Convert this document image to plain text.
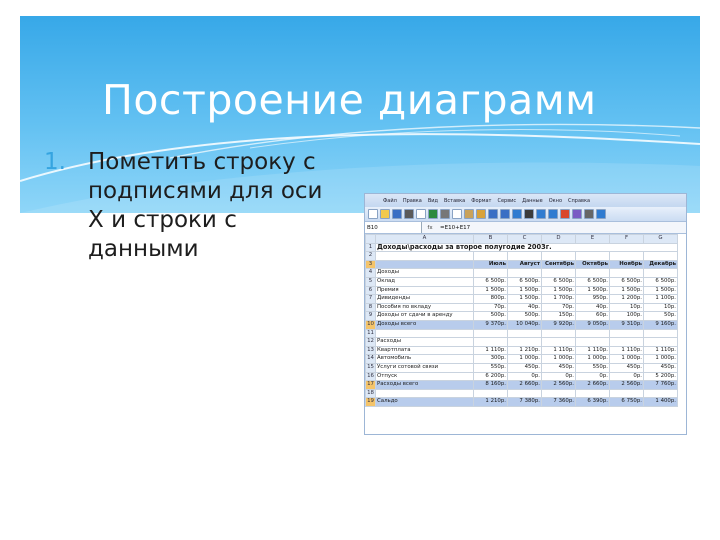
Построение диаграмм
1. Пометить строку с подписями для оси Х и строки с данными
Файл Правка Вид Вставка Формат Сервис Данные Окно Справка
B10	fx	=E10+E17
	A	B	C	D	E	F	G
1	Доходы\расходы за второе полугодие 2003г.						
2							
3		Июль	Август	Сентябрь	Октябрь	Ноябрь	Декабрь
4	Доходы						
5	Оклад	6 500р.	6 500р.	6 500р.	6 500р.	6 500р.	6 500р.
6	Премия	1 500р.	1 500р.	1 500р.	1 500р.	1 500р.	1 500р.
7	Дивиденды	800р.	1 500р.	1 700р.	950р.	1 200р.	1 100р.
8	Пособия по вкладу	70р.	40р.	70р.	40р.	10р.	10р.
9	Доходы от сдачи в аренду	500р.	500р.	150р.	60р.	100р.	50р.
10	Доходы всего	9 370р.	10 040р.	9 920р.	9 050р.	9 310р.	9 160р.
11							
12	Расходы						
13	Квартплата	1 110р.	1 210р.	1 110р.	1 110р.	1 110р.	1 110р.
14	Автомобиль	300р.	1 000р.	1 000р.	1 000р.	1 000р.	1 000р.
15	Услуги сотовой связи	550р.	450р.	450р.	550р.	450р.	450р.
16	Отпуск	6 200р.	0р.	0р.	0р.	0р.	5 200р.
17	Расходы всего	8 160р.	2 660р.	2 560р.	2 660р.	2 560р.	7 760р.
18							
19	Сальдо	1 210р.	7 380р.	7 360р.	6 390р.	6 750р.	1 400р.
